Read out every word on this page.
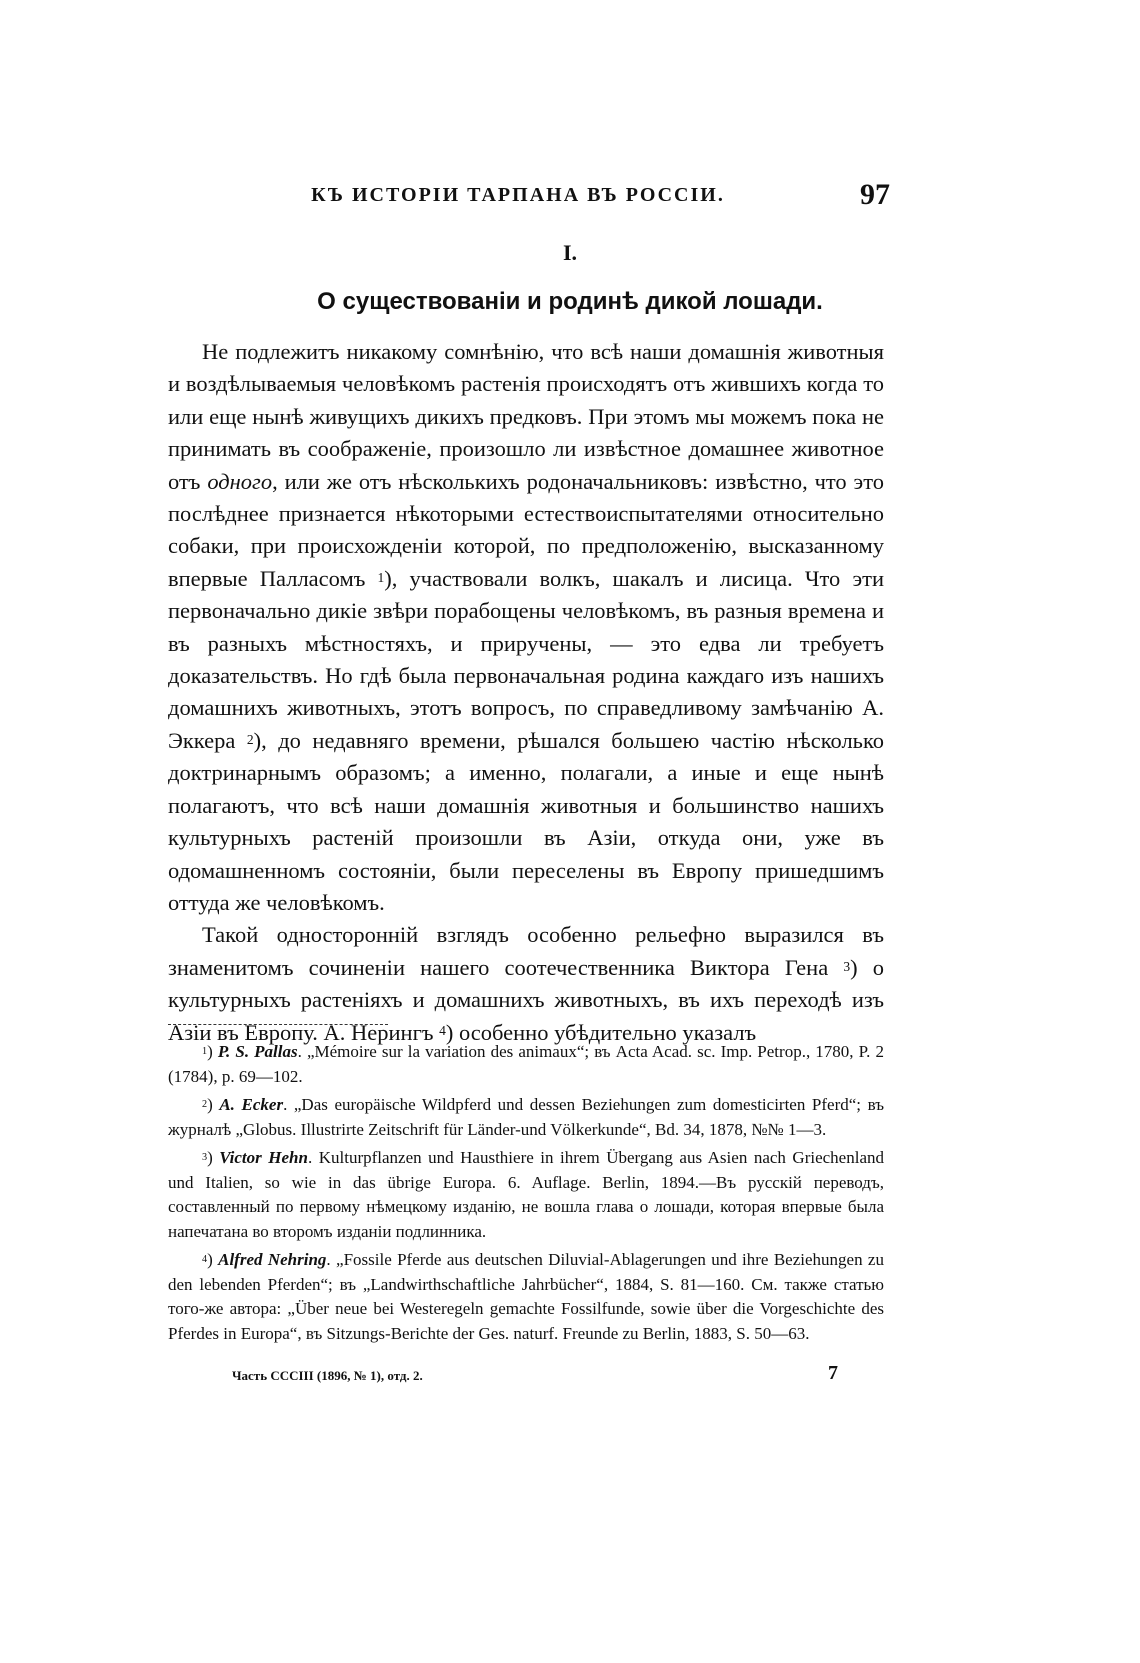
КЪ ИСТОРІИ ТАРПАНА ВЪ РОССІИ.	97
I.
О существованіи и родинѣ дикой лошади.

Не подлежитъ никакому сомнѣнію, что всѣ наши домашнія животныя и воздѣлываемыя человѣкомъ растенія происходятъ отъ жившихъ когда то или еще нынѣ живущихъ дикихъ предковъ. При этомъ мы можемъ пока не принимать въ соображеніе, произошло ли извѣстное домашнее животное отъ одного, или же отъ нѣсколькихъ родоначальниковъ: извѣстно, что это послѣднее признается нѣкоторыми естествоиспытателями относительно собаки, при происхожденіи которой, по предположенію, высказанному впервые Палласомъ $^1$), участвовали волкъ, шакалъ и лисица. Что эти первоначально дикіе звѣри порабощены человѣкомъ, въ разныя времена и въ разныхъ мѣстностяхъ, и приручены, — это едва ли требуетъ доказательствъ. Но гдѣ была первоначальная родина каждаго изъ нашихъ домашнихъ животныхъ, этотъ вопросъ, по справедливому замѣчанію А. Эккера $^2$), до недавняго времени, рѣшался большею частію нѣсколько доктринарнымъ образомъ; а именно, полагали, а иные и еще нынѣ полагаютъ, что всѣ наши домашнія животныя и большинство нашихъ культурныхъ растеній произошли въ Азіи, откуда они, уже въ одомашненномъ состояніи, были переселены въ Европу пришедшимъ оттуда же человѣкомъ.

Такой односторонній взглядъ особенно рельефно выразился въ знаменитомъ сочиненіи нашего соотечественника Виктора Гена $^3$) о культурныхъ растеніяхъ и домашнихъ животныхъ, въ ихъ переходѣ изъ Азіи въ Европу. А. Нерингъ $^4$) особенно убѣдительно указалъ

$^1$) P. S. Pallas. „Mémoire sur la variation des animaux“; въ Acta Acad. sc. Imp. Petrop., 1780, P. 2 (1784), p. 69—102.

$^2$) A. Ecker. „Das europäische Wildpferd und dessen Beziehungen zum domesticirten Pferd“; въ журналѣ „Globus. Illustrirte Zeitschrift für Länder-und Völkerkunde“, Bd. 34, 1878, №№ 1—3.

$^3$) Victor Hehn. Kulturpflanzen und Hausthiere in ihrem Übergang aus Asien nach Griechenland und Italien, so wie in das übrige Europa. 6. Auflage. Berlin, 1894.—Въ русскій переводъ, составленный по первому нѣмецкому изданію, не вошла глава о лошади, которая впервые была напечатана во второмъ изданіи подлинника.

$^4$) Alfred Nehring. „Fossile Pferde aus deutschen Diluvial-Ablagerungen und ihre Beziehungen zu den lebenden Pferden“; въ „Landwirthschaftliche Jahrbücher“, 1884, S. 81—160. См. также статью того-же автора: „Über neue bei Westeregeln gemachte Fossilfunde, sowie über die Vorgeschichte des Pferdes in Europa“, въ Sitzungs-Berichte der Ges. naturf. Freunde zu Berlin, 1883, S. 50—63.

Часть СССIII (1896, № 1), отд. 2.	7
